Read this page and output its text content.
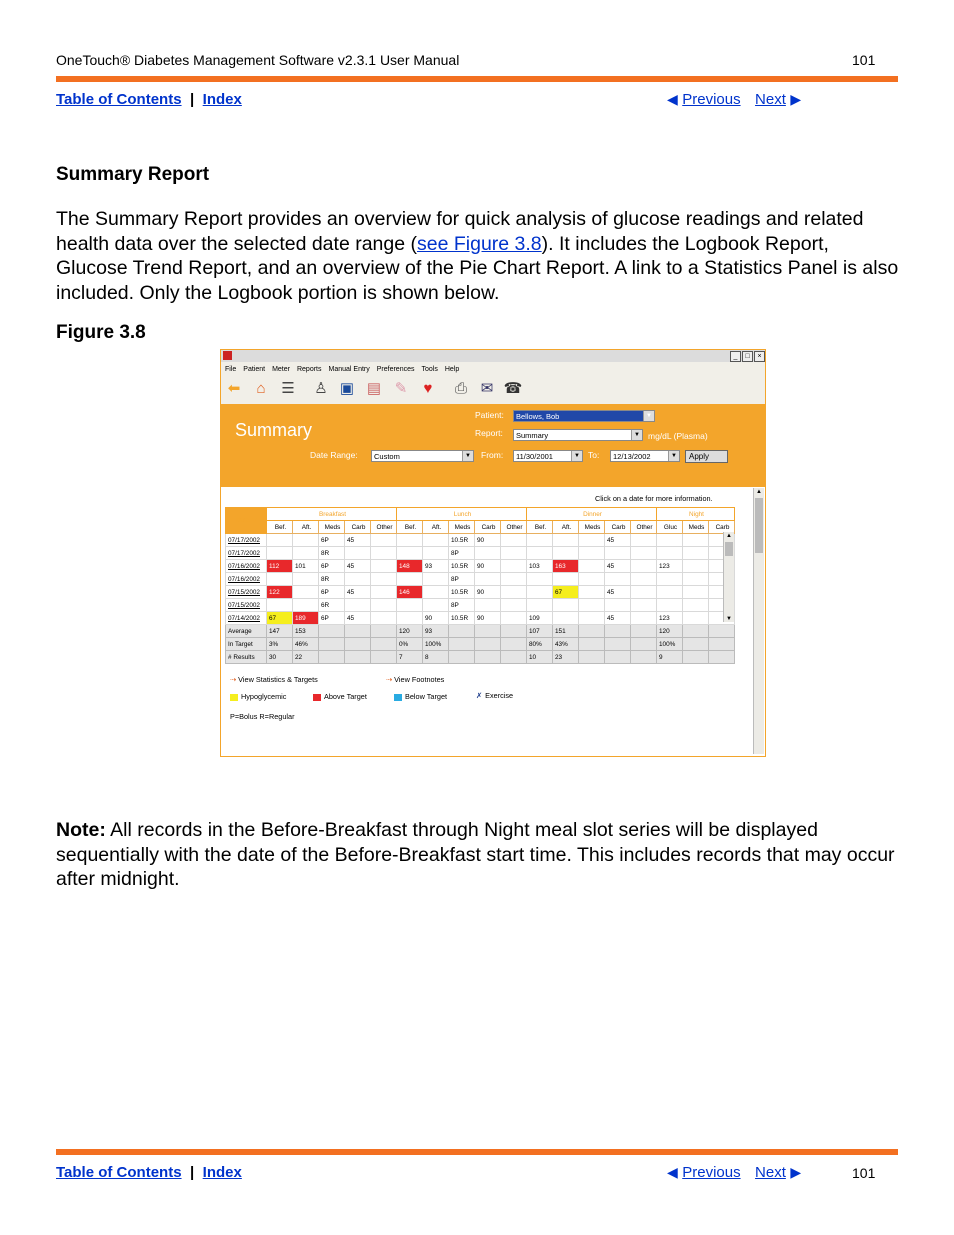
OneTouch® Diabetes Management Software v2.3.1 User Manual	101
Table of Contents | Index	◀ Previous Next ▶
Summary Report
The Summary Report provides an overview for quick analysis of glucose readings and related health data over the selected date range (see Figure 3.8). It includes the Logbook Report, Glucose Trend Report, and an overview of the Pie Chart Report. A link to a Statistics Panel is also included. Only the Logbook portion is shown below.
Figure 3.8
_	□	×
File Patient Meter Reports Manual Entry Preferences Tools Help
⬅	⌂	☰ ♙ ▣ ▤ ✎	♥	⎙ ✉ ☎
Summary
Patient:	Bellows, Bob	▼
Report:	Summary	▼ mg/dL (Plasma)
Date Range:	Custom	▼ From:	11/30/2001	▼ To:	12/13/2002	▼	Apply
Click on a date for more information.
Date ▼	Breakfast					Lunch					Dinner					Night		
	Bef.	Aft.	Meds	Carb	Other	Bef.	Aft.	Meds	Carb	Other	Bef.	Aft.	Meds	Carb	Other	Gluc	Meds	Carb
07/17/2002			6P	45				10.5R	90					45				
07/17/2002			8R					8P										
07/16/2002	112	101	6P	45		148	93	10.5R	90		103	163		45		123		
07/16/2002			8R					8P										
07/15/2002	122		6P	45		146		10.5R	90			67		45				
07/15/2002			6R					8P										
07/14/2002	67	189	6P	45			90	10.5R	90		109			45		123		
Average	147	153				120	93				107	151				120		
In Target	3%	46%				0%	100%				80%	43%				100%		
# Results	30	22				7	8				10	23				9		
▲
▼
▲
⇢ View Statistics & Targets	⇢ View Footnotes
Hypoglycemic	Above Target	Below Target	✗ Exercise
P=Bolus R=Regular
Note: All records in the Before-Breakfast through Night meal slot series will be displayed sequentially with the date of the Before-Breakfast start time. This includes records that may occur after midnight.
Table of Contents | Index	◀ Previous Next ▶	101
